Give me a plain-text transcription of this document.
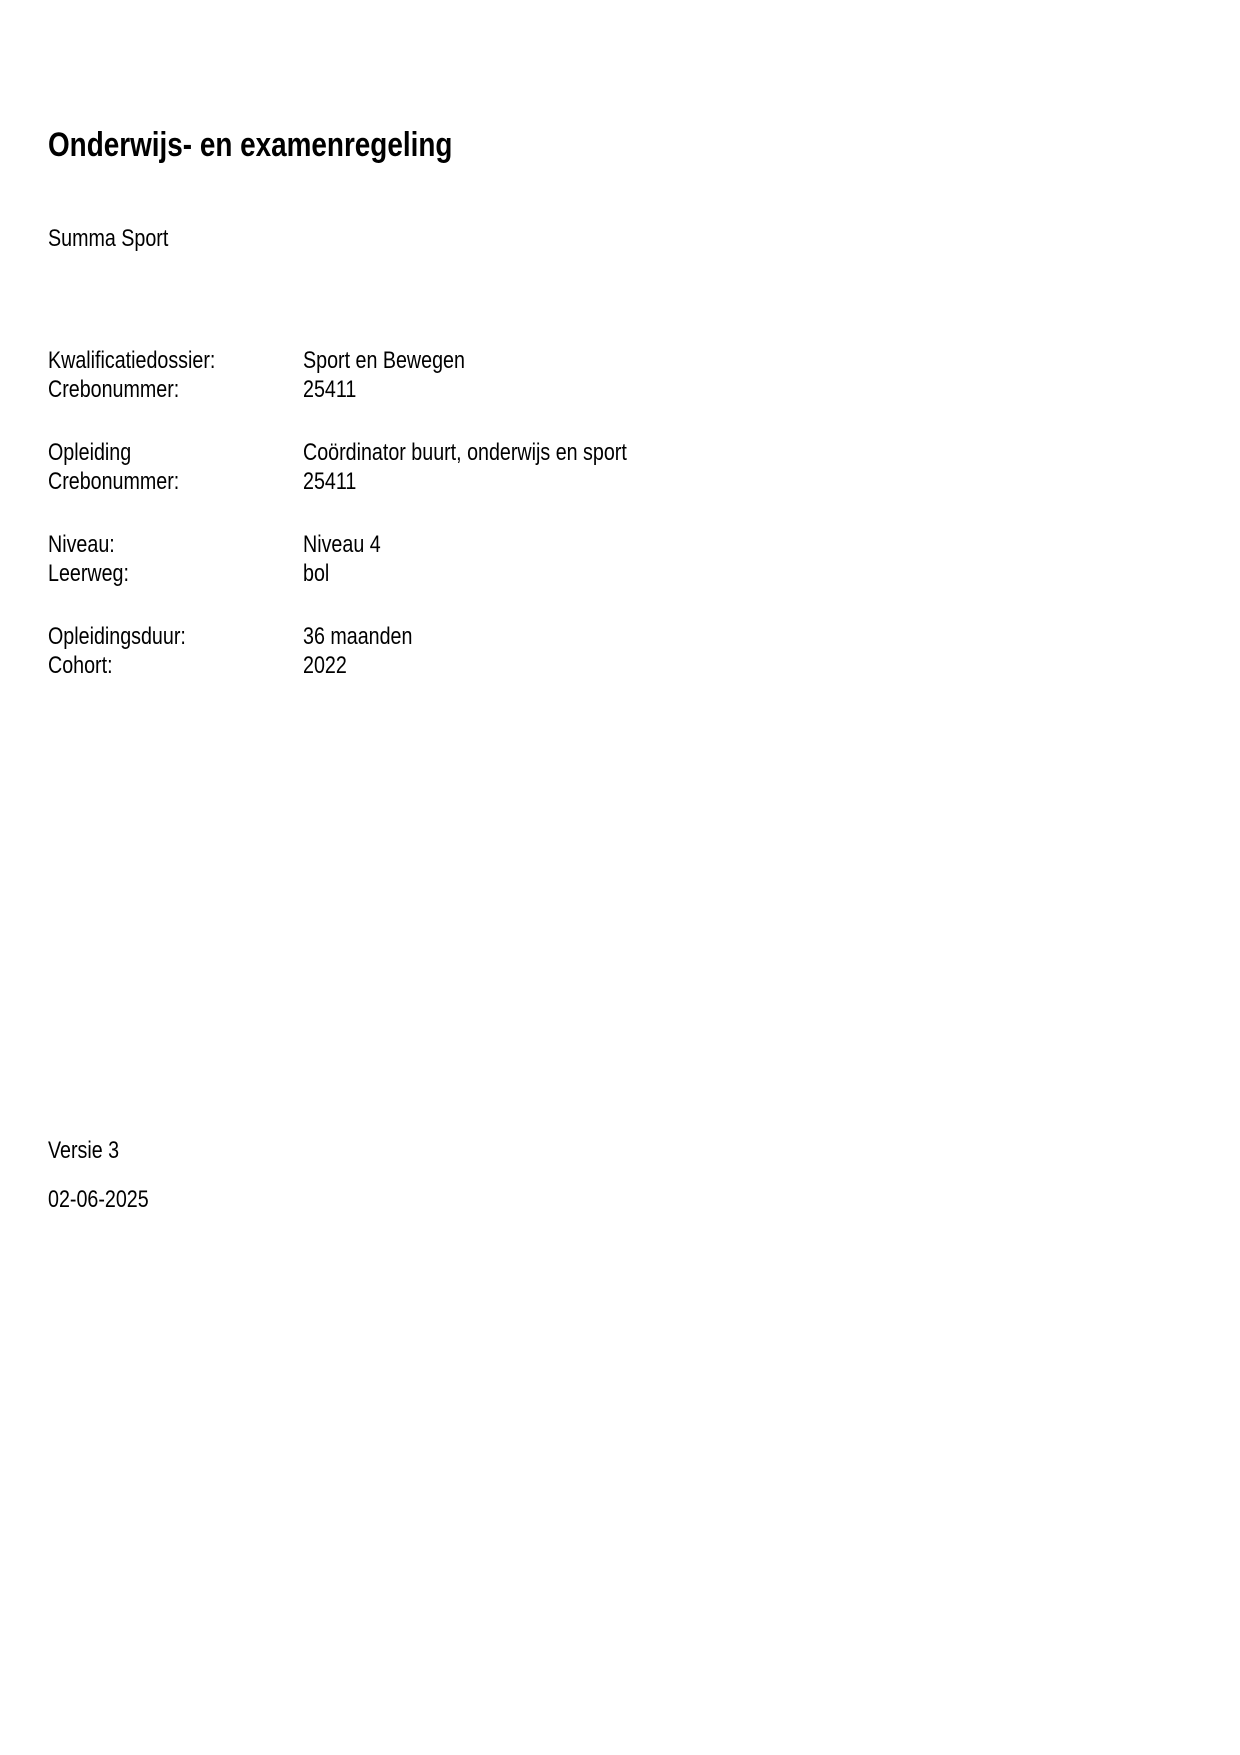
Onderwijs- en examenregeling
Summa Sport
Kwalificatiedossier:	Sport en Bewegen
Crebonummer:	25411
Opleiding	Coördinator buurt, onderwijs en sport
Crebonummer:	25411
Niveau:	Niveau 4
Leerweg:	bol
Opleidingsduur:	36 maanden
Cohort:	2022
Versie 3
02-06-2025
